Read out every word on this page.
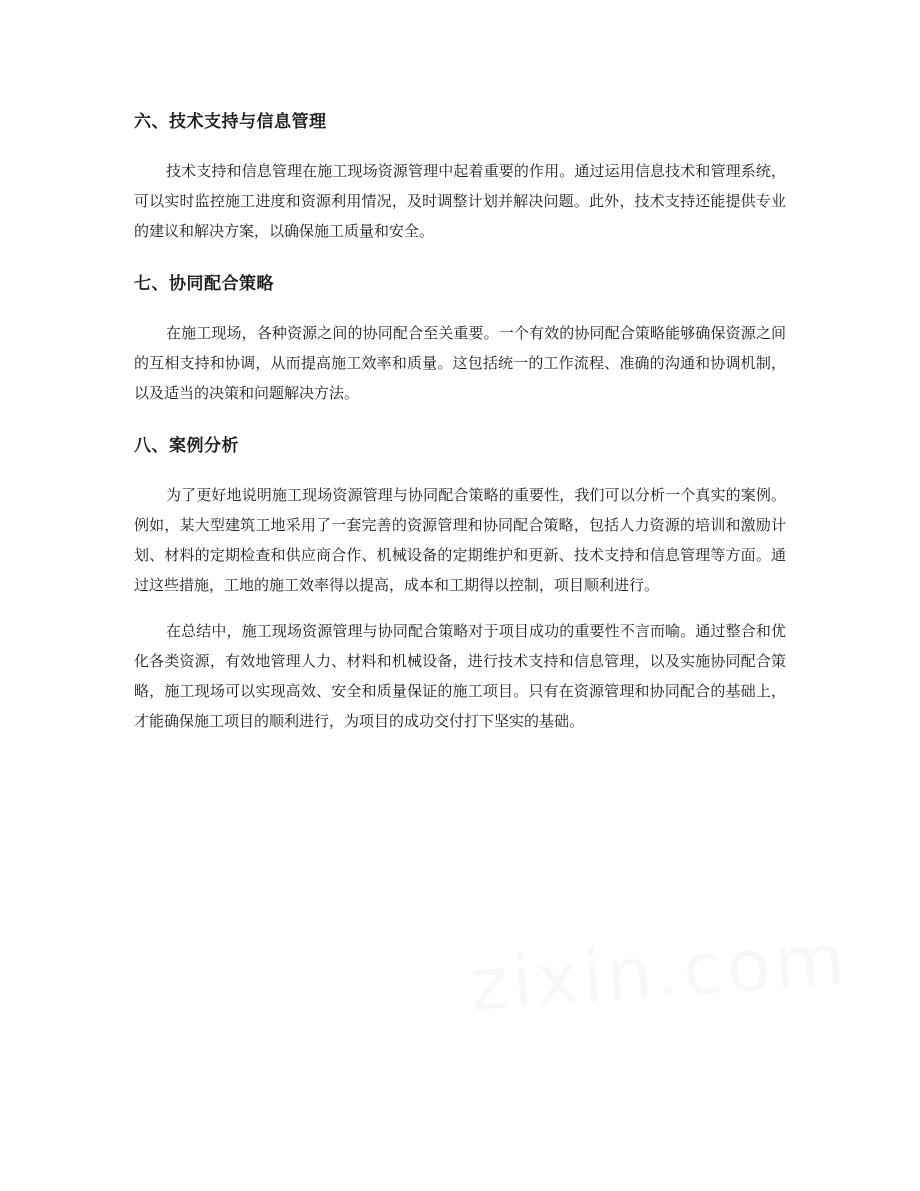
六、技术支持与信息管理

技术支持和信息管理在施工现场资源管理中起着重要的作用。通过运用信息技术和管理系统，可以实时监控施工进度和资源利用情况，及时调整计划并解决问题。此外，技术支持还能提供专业的建议和解决方案，以确保施工质量和安全。

七、协同配合策略

在施工现场，各种资源之间的协同配合至关重要。一个有效的协同配合策略能够确保资源之间的互相支持和协调，从而提高施工效率和质量。这包括统一的工作流程、准确的沟通和协调机制，以及适当的决策和问题解决方法。

八、案例分析

为了更好地说明施工现场资源管理与协同配合策略的重要性，我们可以分析一个真实的案例。例如，某大型建筑工地采用了一套完善的资源管理和协同配合策略，包括人力资源的培训和激励计划、材料的定期检查和供应商合作、机械设备的定期维护和更新、技术支持和信息管理等方面。通过这些措施，工地的施工效率得以提高，成本和工期得以控制，项目顺利进行。

在总结中，施工现场资源管理与协同配合策略对于项目成功的重要性不言而喻。通过整合和优化各类资源，有效地管理人力、材料和机械设备，进行技术支持和信息管理，以及实施协同配合策略，施工现场可以实现高效、安全和质量保证的施工项目。只有在资源管理和协同配合的基础上，才能确保施工项目的顺利进行，为项目的成功交付打下坚实的基础。

zixin.com
